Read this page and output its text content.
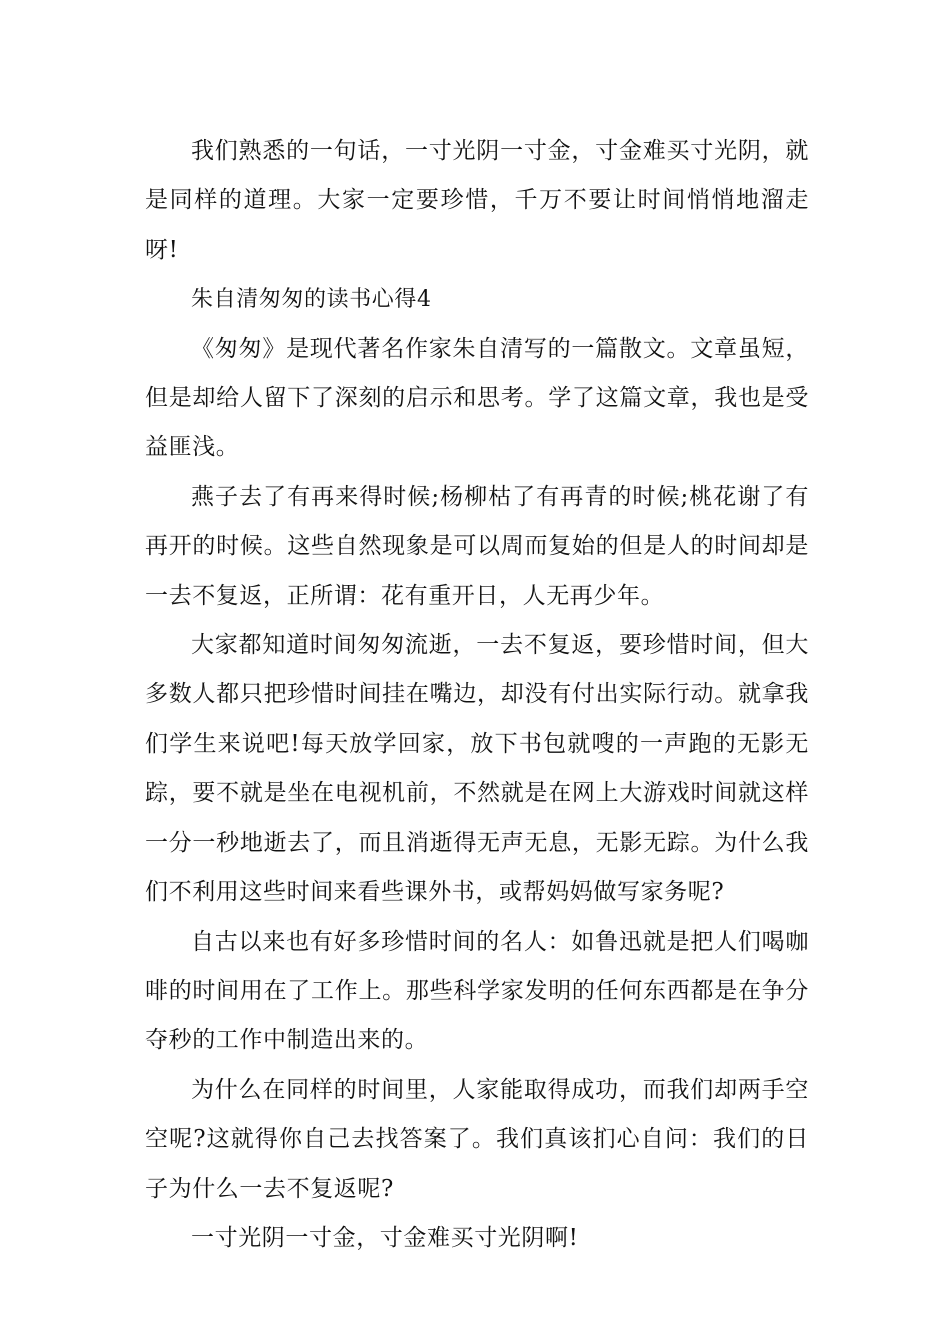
我们熟悉的一句话，一寸光阴一寸金，寸金难买寸光阴，就是同样的道理。大家一定要珍惜，千万不要让时间悄悄地溜走呀!

朱自清匆匆的读书心得4

《匆匆》是现代著名作家朱自清写的一篇散文。文章虽短，但是却给人留下了深刻的启示和思考。学了这篇文章，我也是受益匪浅。

燕子去了有再来得时候;杨柳枯了有再青的时候;桃花谢了有再开的时候。这些自然现象是可以周而复始的但是人的时间却是一去不复返，正所谓：花有重开日，人无再少年。

大家都知道时间匆匆流逝，一去不复返，要珍惜时间，但大多数人都只把珍惜时间挂在嘴边，却没有付出实际行动。就拿我们学生来说吧!每天放学回家，放下书包就嗖的一声跑的无影无踪，要不就是坐在电视机前，不然就是在网上大游戏时间就这样一分一秒地逝去了，而且消逝得无声无息，无影无踪。为什么我们不利用这些时间来看些课外书，或帮妈妈做写家务呢?

自古以来也有好多珍惜时间的名人：如鲁迅就是把人们喝咖啡的时间用在了工作上。那些科学家发明的任何东西都是在争分夺秒的工作中制造出来的。

为什么在同样的时间里，人家能取得成功，而我们却两手空空呢?这就得你自己去找答案了。我们真该扪心自问：我们的日子为什么一去不复返呢?

一寸光阴一寸金，寸金难买寸光阴啊!
